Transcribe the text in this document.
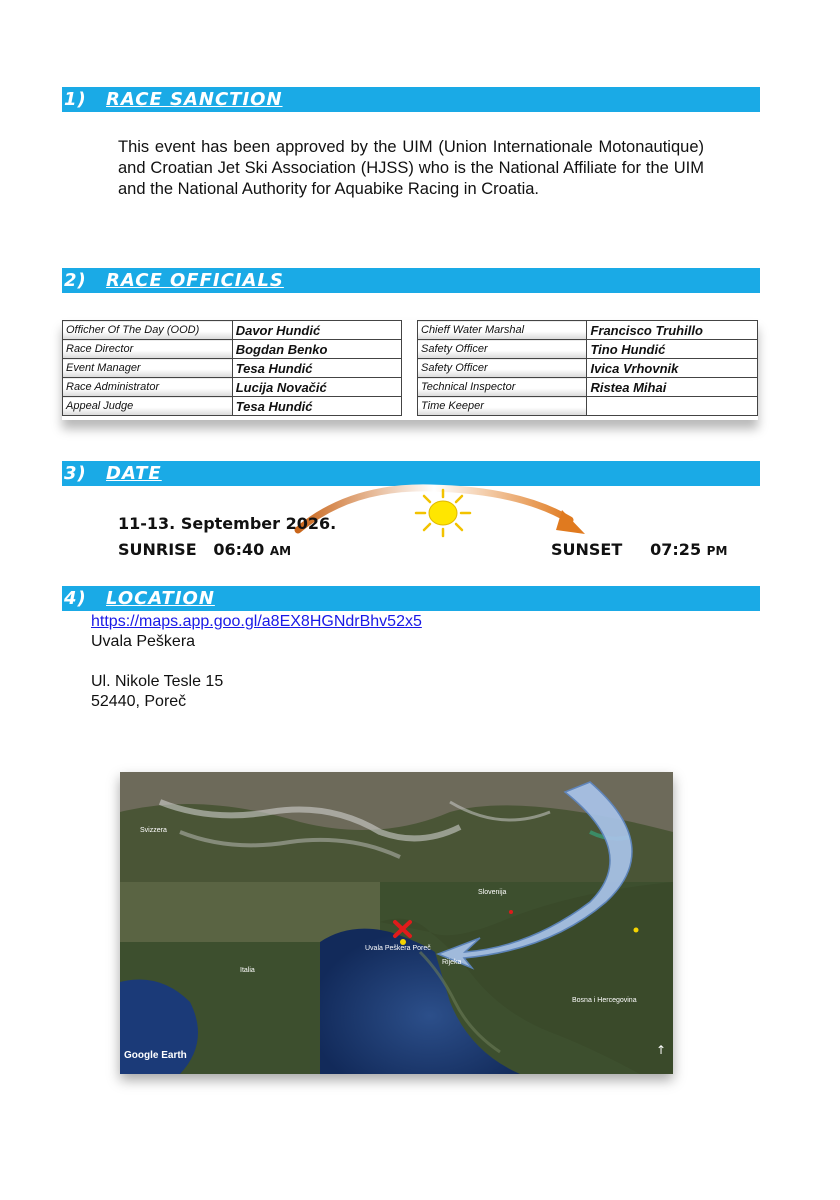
1) RACE SANCTION
This event has been approved by the UIM (Union Internationale Motonautique) and Croatian Jet Ski Association (HJSS) who is the National Affiliate for the UIM and the National Authority for Aquabike Racing in Croatia.
2) RACE OFFICIALS
Officher Of The Day (OOD)	Davor Hundić
Race Director	Bogdan Benko
Event Manager	Tesa Hundić
Race Administrator	Lucija Novačić
Appeal Judge	Tesa Hundić
Chieff Water Marshal	Francisco Truhillo
Safety Officer	Tino Hundić
Safety Officer	Ivica Vrhovnik
Technical Inspector	Ristea Mihai
Time Keeper	
3) DATE
11-13. September 2026.
SUNRISE 06:40 AM	SUNSET 07:25 PM
4) LOCATION
https://maps.app.goo.gl/a8EX8HGNdrBhv52x5
Uvala Peškera
Ul. Nikole Tesle 15
52440, Poreč
Uvala Peškera Poreč
Slovenija
Bosna i Hercegovina
Rijeka
Svizzera
Italia
Google Earth	↑
